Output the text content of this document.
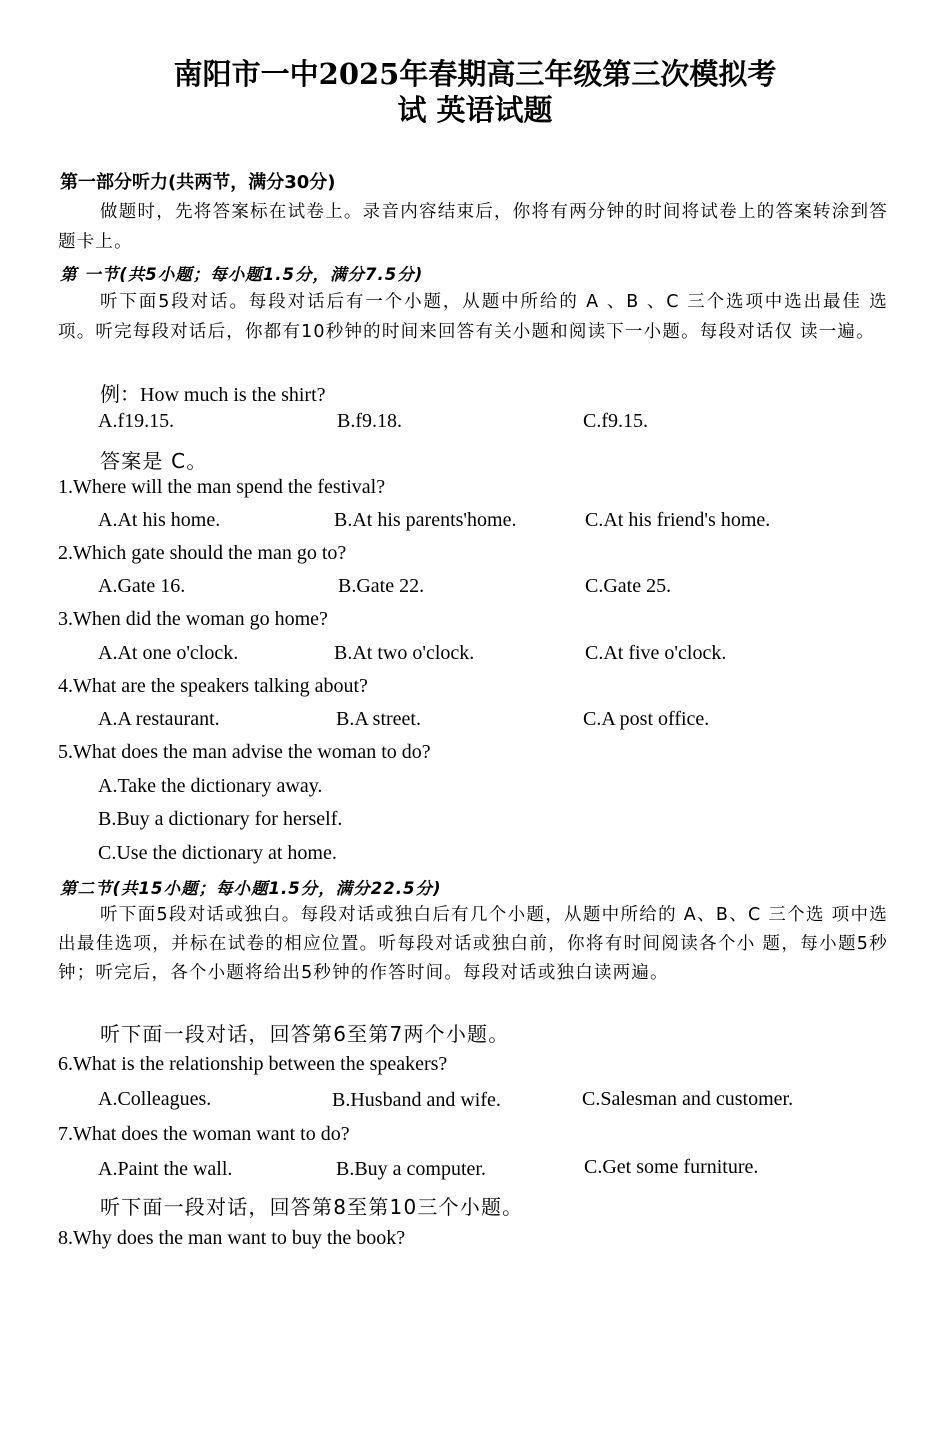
南阳市一中2025年春期高三年级第三次模拟考
试 英语试题
第一部分听力(共两节，满分30分)
做题时，先将答案标在试卷上。录音内容结束后，你将有两分钟的时间将试卷上的答案转涂到答题卡上。
第 一节(共5小题；每小题1.5分，满分7.5分)
听下面5段对话。每段对话后有一个小题，从题中所给的 A 、B 、C 三个选项中选出最佳 选项。听完每段对话后，你都有10秒钟的时间来回答有关小题和阅读下一小题。每段对话仅 读一遍。
例：How much is the shirt?
A.f19.15.	B.f9.18.	C.f9.15.
答案是 C。
1.Where will the man spend the festival?
A.At his home.	B.At his parents'home.	C.At his friend's home.
2.Which gate should the man go to?
A.Gate 16.	B.Gate 22.	C.Gate 25.
3.When did the woman go home?
A.At one o'clock.	B.At two o'clock.	C.At five o'clock.
4.What are the speakers talking about?
A.A restaurant.	B.A street.	C.A post office.
5.What does the man advise the woman to do?
A.Take the dictionary away.
B.Buy a dictionary for herself.
C.Use the dictionary at home.
第二节(共15小题；每小题1.5分，满分22.5分)
听下面5段对话或独白。每段对话或独白后有几个小题，从题中所给的 A、B、C 三个选 项中选出最佳选项，并标在试卷的相应位置。听每段对话或独白前，你将有时间阅读各个小 题，每小题5秒钟；听完后，各个小题将给出5秒钟的作答时间。每段对话或独白读两遍。
听下面一段对话，回答第6至第7两个小题。
6.What is the relationship between the speakers?
A.Colleagues.	B.Husband and wife.	C.Salesman and customer.
7.What does the woman want to do?
A.Paint the wall.	B.Buy a computer.	C.Get some furniture.
听下面一段对话，回答第8至第10三个小题。
8.Why does the man want to buy the book?
